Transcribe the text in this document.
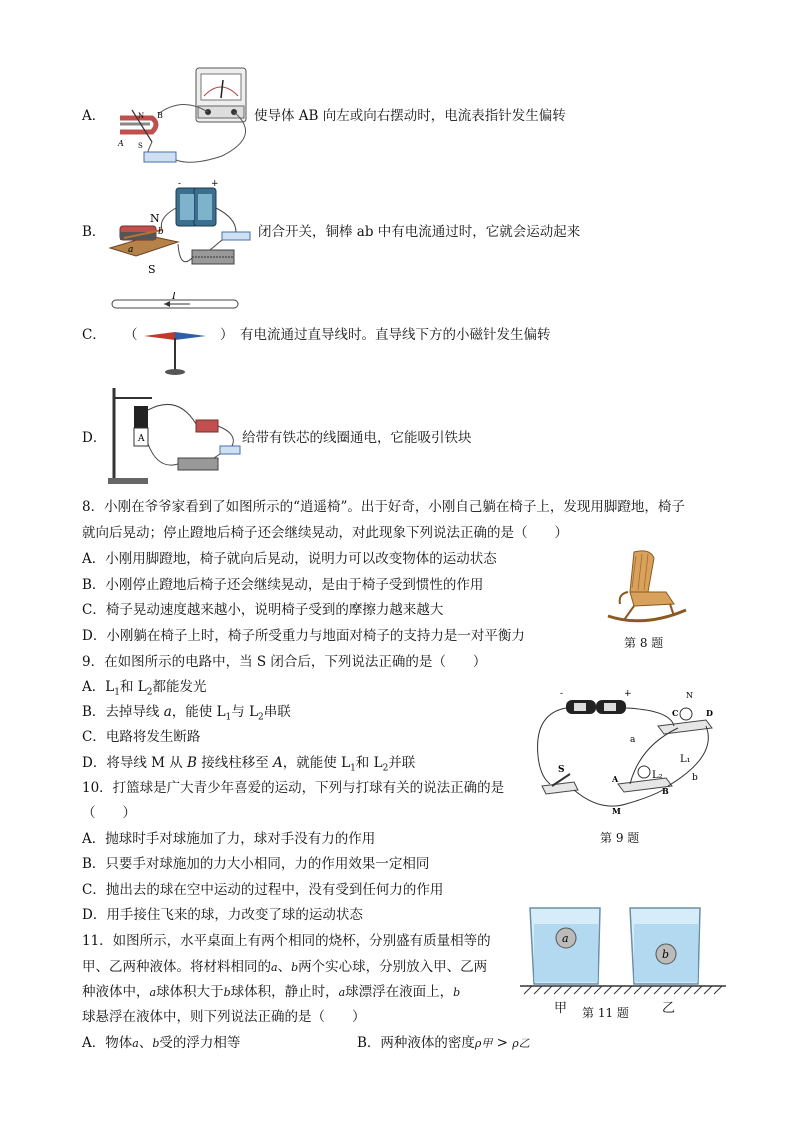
A．	N B
A S
使导体 AB 向左或向右摆动时，电流表指针发生偏转
B．
+
-
N
S
a
b	闭合开关，铜棒 ab 中有电流通过时，它就会运动起来
I
C． （	） 有电流通过直导线时。直导线下方的小磁针发生偏转
D．	A	给带有铁芯的线圈通电，它能吸引铁块
8．小刚在爷爷家看到了如图所示的“逍遥椅”。出于好奇，小刚自己躺在椅子上，发现用脚蹬地，椅子
就向后晃动；停止蹬地后椅子还会继续晃动，对此现象下列说法正确的是（　　）
A．小刚用脚蹬地，椅子就向后晃动，说明力可以改变物体的运动状态
B．小刚停止蹬地后椅子还会继续晃动，是由于椅子受到惯性的作用
C．椅子晃动速度越来越小，说明椅子受到的摩擦力越来越大
D．小刚躺在椅子上时，椅子所受重力与地面对椅子的支持力是一对平衡力	第 8 题
9．在如图所示的电路中，当 S 闭合后，下列说法正确的是（　　）
A．$L_1$和 $L_2$都能发光
B．去掉导线 a，能使 $L_1$与 $L_2$串联
C．电路将发生断路
D．将导线 M 从 B 接线柱移至 A，就能使 $L_1$和 $L_2$并联
-	+	N
C	D
L₁
a
b
A	L₂
B
S
M
第 9 题
10．打篮球是广大青少年喜爱的运动，下列与打球有关的说法正确的是
（　　）
A．抛球时手对球施加了力，球对手没有力的作用
B．只要手对球施加的力大小相同，力的作用效果一定相同
C．抛出去的球在空中运动的过程中，没有受到任何力的作用
D．用手接住飞来的球，力改变了球的运动状态
11．如图所示，水平桌面上有两个相同的烧杯，分别盛有质量相等的
甲、乙两种液体。将材料相同的a、b两个实心球，分别放入甲、乙两
种液体中，a球体积大于b球体积，静止时，a球漂浮在液面上，b
球悬浮在液体中，则下列说法正确的是（　　）
A．物体a、b受的浮力相等	B．两种液体的密度ρ甲 > ρ乙
a
b
甲 第 11 题	乙
